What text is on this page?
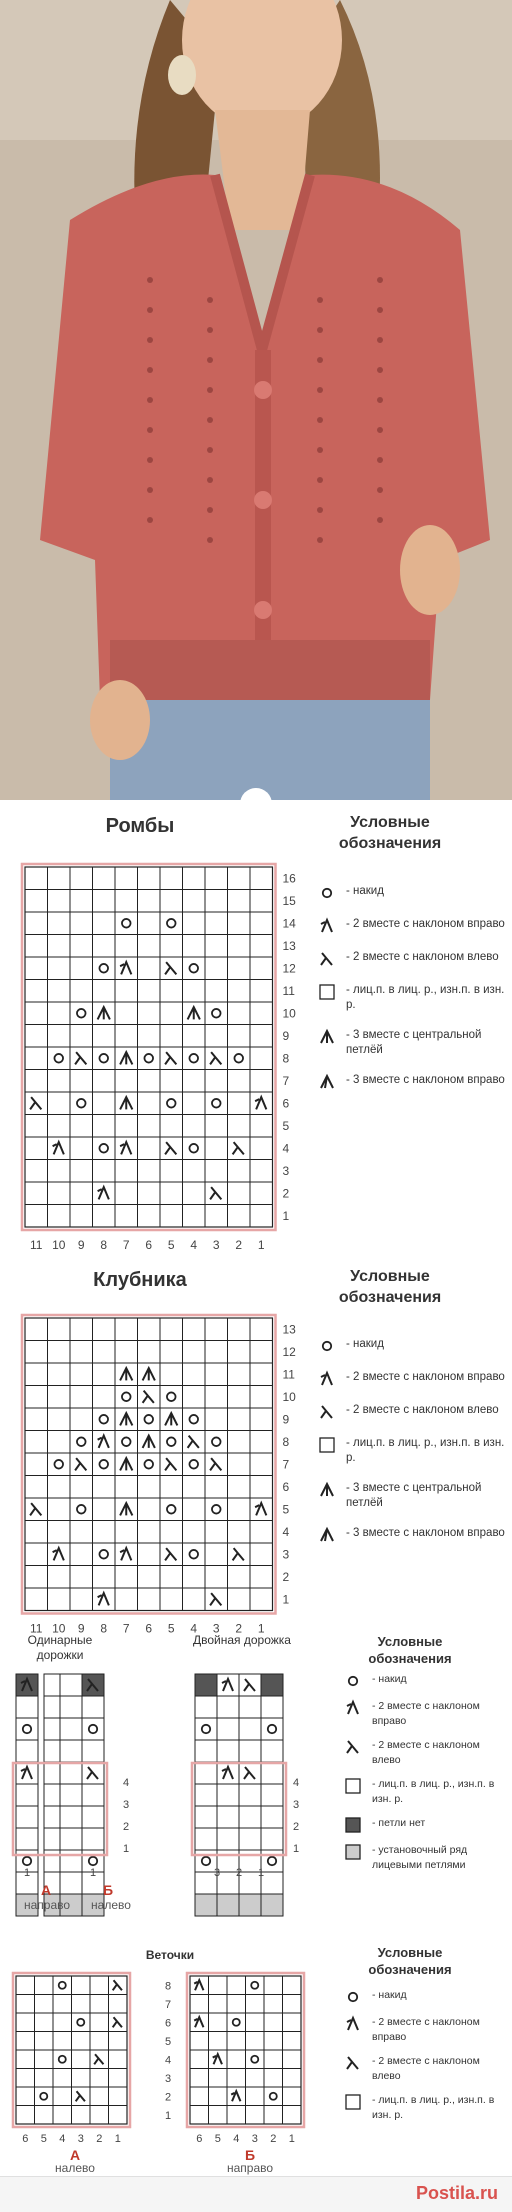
Ромбы	Условные обозначения
16
15
14
13
12
11
10
9
8
7
6
5
4
3
2
1
11 10 9 8 7 6 5 4 3 2 1
- накид
- 2 вместе с наклоном вправо
- 2 вместе с наклоном влево
- лиц.п. в лиц. р., изн.п. в изн. р.
- 3 вместе с центральной петлёй
- 3 вместе с наклоном вправо
Клубника	Условные обозначения
13
12
11
10
9
8
7
6
5
4
3
2
1
11 10 9 8 7 6 5 4 3 2 1
- накид
- 2 вместе с наклоном вправо
- 2 вместе с наклоном влево
- лиц.п. в лиц. р., изн.п. в изн. р.
- 3 вместе с центральной петлёй
- 3 вместе с наклоном вправо
Одинарные дорожки
Двойная дорожка	Условные обозначения
4	4
3	3
2	2
1	1
1	1	3 2 1
А
направо
Б
налево
- накид
- 2 вместе с наклоном вправо
- 2 вместе с наклоном влево
- лиц.п. в лиц. р., изн.п. в изн. р.
- петли нет
- установочный ряд лицевыми петлями
Веточки	Условные обозначения
6 5 4 3 2 1	6 5 4 3 2 1
8
7
6
5
4
3
2
1
А
налево
Б
направо
- накид
- 2 вместе с наклоном вправо
- 2 вместе с наклоном влево
- лиц.п. в лиц. р., изн.п. в изн. р.
Postila.ru
